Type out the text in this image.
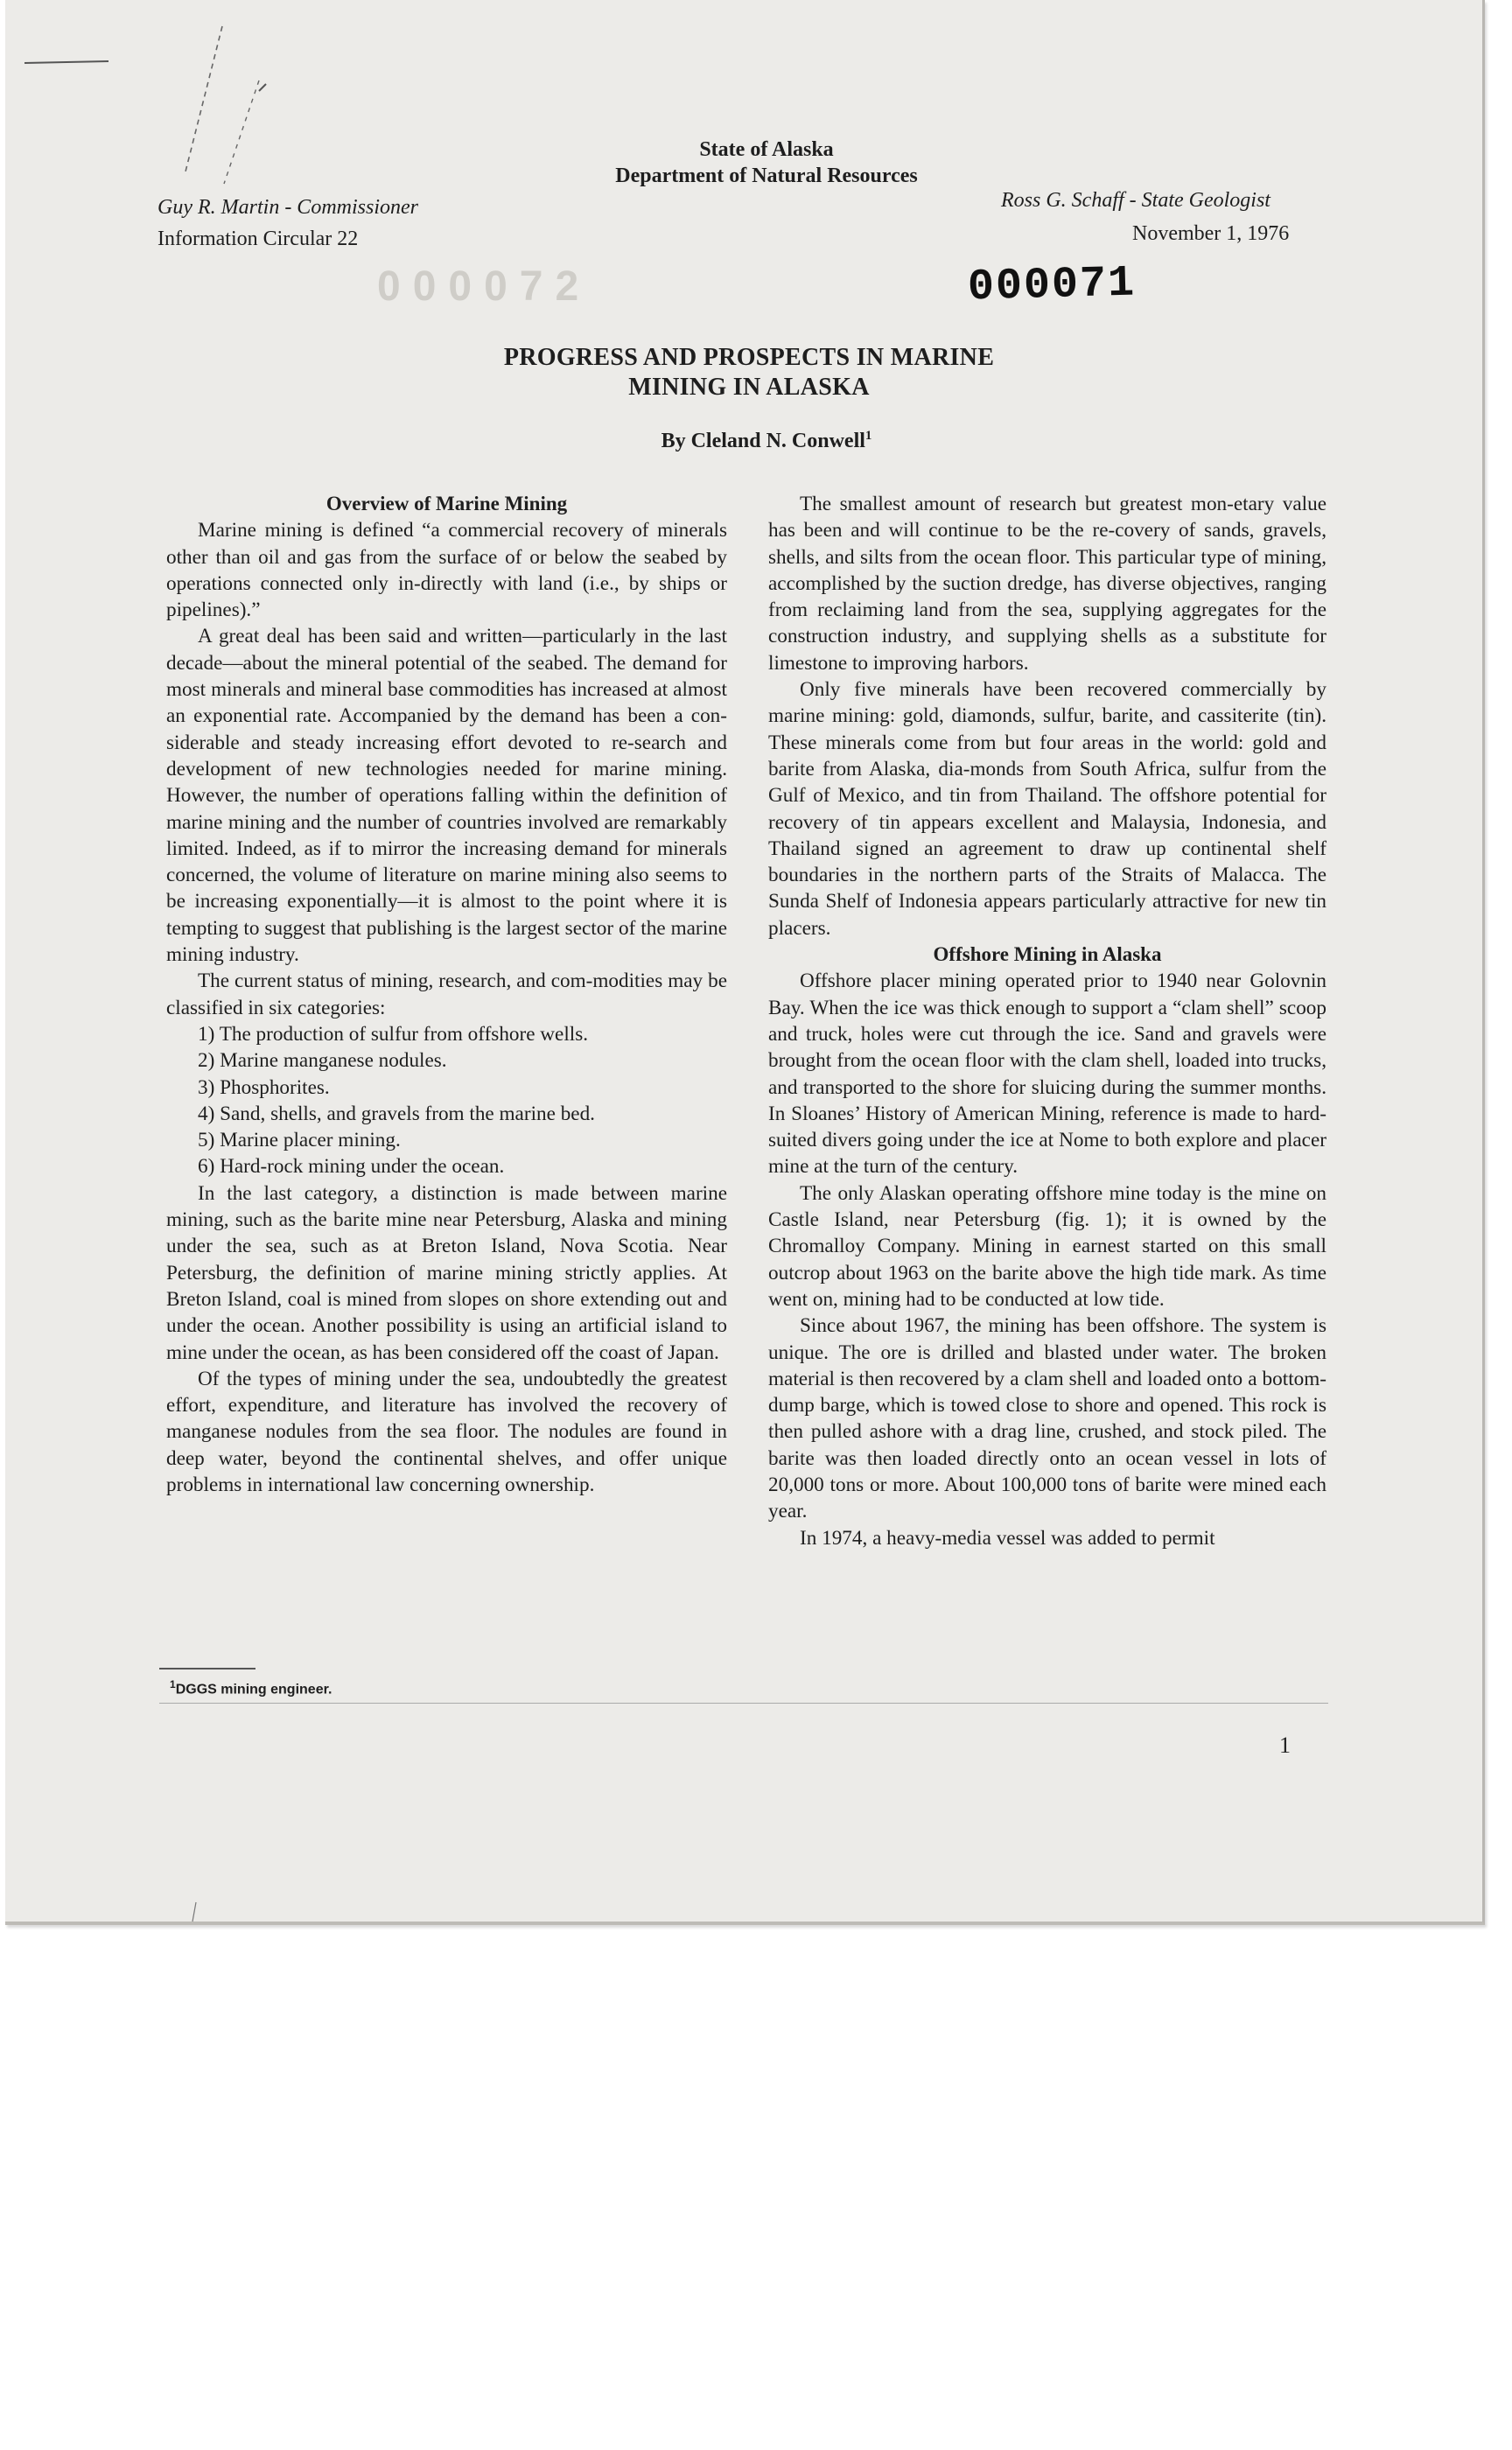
000072
State of Alaska
Department of Natural Resources
Guy R. Martin - Commissioner
Information Circular 22
Ross G. Schaff - State Geologist
November 1, 1976
000071
PROGRESS AND PROSPECTS IN MARINE
MINING IN ALASKA
By Cleland N. Conwell$^1$
Overview of Marine Mining

Marine mining is defined “a commercial recovery of minerals other than oil and gas from the surface of or below the seabed by operations connected only in-directly with land (i.e., by ships or pipelines).”

A great deal has been said and written—particularly in the last decade—about the mineral potential of the seabed. The demand for most minerals and mineral base commodities has increased at almost an exponential rate. Accompanied by the demand has been a con-siderable and steady increasing effort devoted to re-search and development of new technologies needed for marine mining. However, the number of operations falling within the definition of marine mining and the number of countries involved are remarkably limited. Indeed, as if to mirror the increasing demand for minerals concerned, the volume of literature on marine mining also seems to be increasing exponentially—it is almost to the point where it is tempting to suggest that publishing is the largest sector of the marine mining industry.

The current status of mining, research, and com-modities may be classified in six categories:

1) The production of sulfur from offshore wells.
2) Marine manganese nodules.
3) Phosphorites.
4) Sand, shells, and gravels from the marine bed.
5) Marine placer mining.
6) Hard-rock mining under the ocean.

In the last category, a distinction is made between marine mining, such as the barite mine near Petersburg, Alaska and mining under the sea, such as at Breton Island, Nova Scotia. Near Petersburg, the definition of marine mining strictly applies. At Breton Island, coal is mined from slopes on shore extending out and under the ocean. Another possibility is using an artificial island to mine under the ocean, as has been considered off the coast of Japan.

Of the types of mining under the sea, undoubtedly the greatest effort, expenditure, and literature has involved the recovery of manganese nodules from the sea floor. The nodules are found in deep water, beyond the continental shelves, and offer unique problems in international law concerning ownership.

$^1$DGGS mining engineer.

The smallest amount of research but greatest mon-etary value has been and will continue to be the re-covery of sands, gravels, shells, and silts from the ocean floor. This particular type of mining, accomplished by the suction dredge, has diverse objectives, ranging from reclaiming land from the sea, supplying aggregates for the construction industry, and supplying shells as a substitute for limestone to improving harbors.

Only five minerals have been recovered commercially by marine mining: gold, diamonds, sulfur, barite, and cassiterite (tin). These minerals come from but four areas in the world: gold and barite from Alaska, dia-monds from South Africa, sulfur from the Gulf of Mexico, and tin from Thailand. The offshore potential for recovery of tin appears excellent and Malaysia, Indonesia, and Thailand signed an agreement to draw up continental shelf boundaries in the northern parts of the Straits of Malacca. The Sunda Shelf of Indonesia appears particularly attractive for new tin placers.

Offshore Mining in Alaska

Offshore placer mining operated prior to 1940 near Golovnin Bay. When the ice was thick enough to support a “clam shell” scoop and truck, holes were cut through the ice. Sand and gravels were brought from the ocean floor with the clam shell, loaded into trucks, and transported to the shore for sluicing during the summer months. In Sloanes’ History of American Mining, reference is made to hard-suited divers going under the ice at Nome to both explore and placer mine at the turn of the century.

The only Alaskan operating offshore mine today is the mine on Castle Island, near Petersburg (fig. 1); it is owned by the Chromalloy Company. Mining in earnest started on this small outcrop about 1963 on the barite above the high tide mark. As time went on, mining had to be conducted at low tide.

Since about 1967, the mining has been offshore. The system is unique. The ore is drilled and blasted under water. The broken material is then recovered by a clam shell and loaded onto a bottom-dump barge, which is towed close to shore and opened. This rock is then pulled ashore with a drag line, crushed, and stock piled. The barite was then loaded directly onto an ocean vessel in lots of 20,000 tons or more. About 100,000 tons of barite were mined each year.

In 1974, a heavy-media vessel was added to permit

1
